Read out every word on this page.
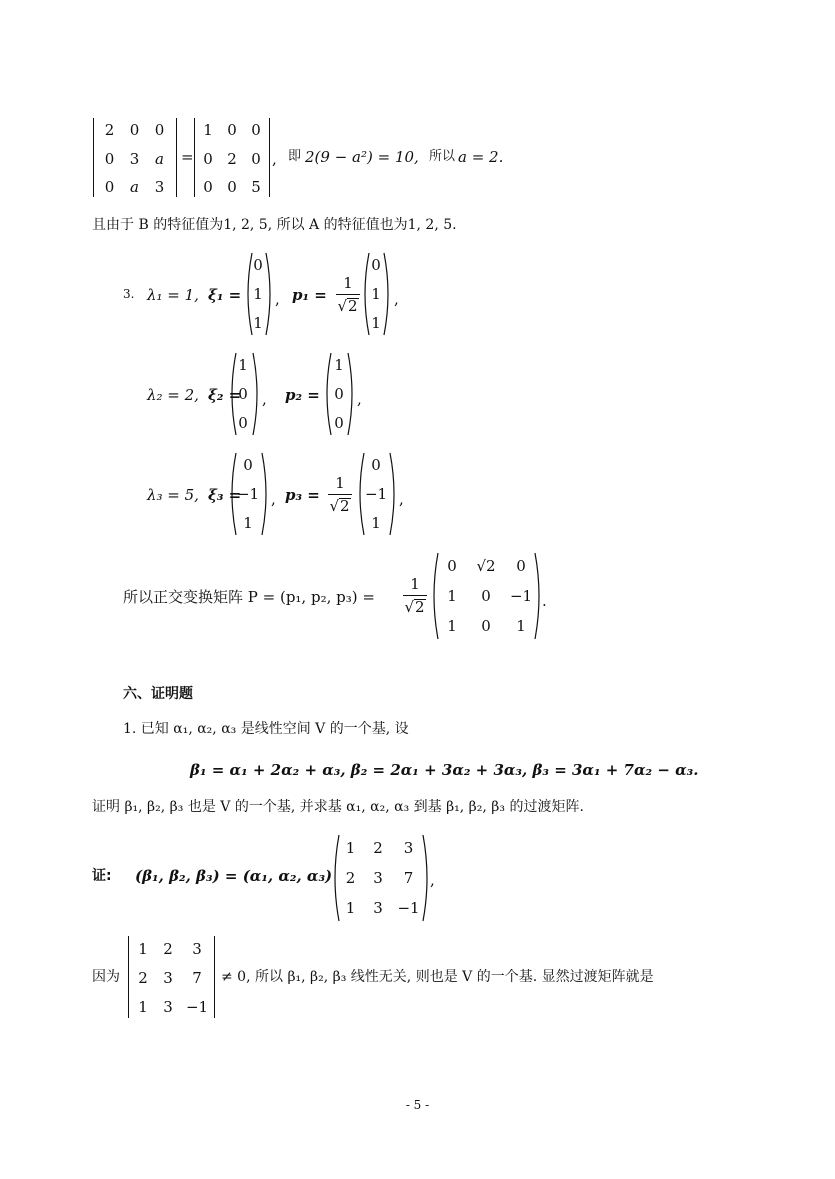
2	0	0
0	3	a
0	a	3
=
1 0 0
0 2 0
0 0 5
, 即 2(9 − a²) = 10, 所以 a = 2.
且由于 B 的特征值为1, 2, 5, 所以 A 的特征值也为1, 2, 5.
3. λ₁ = 1, ξ₁ =
0
1
1
, p₁ =
1
√ 2
0
1
1
,
λ₂ = 2, ξ₂ =
1
0
0
, p₂ =
1
0
0
,
λ₃ = 5, ξ₃ =
0
−1
1
, p₃ =
1
√ 2
0
−1
1
,
所以正交变换矩阵 P = (p₁, p₂, p₃) =
1
√ 2
0	√2	0
1	0	−1
1	0	1
.
六、证明题
1. 已知 α₁, α₂, α₃ 是线性空间 V 的一个基, 设
β₁ = α₁ + 2α₂ + α₃, β₂ = 2α₁ + 3α₂ + 3α₃, β₃ = 3α₁ + 7α₂ − α₃.
证明 β₁, β₂, β₃ 也是 V 的一个基, 并求基 α₁, α₂, α₃ 到基 β₁, β₂, β₃ 的过渡矩阵.
证: (β₁, β₂, β₃) = (α₁, α₂, α₃)
1	2	3
2	3	7
1	3 −1
,
因为
1	2	3
2	3	7
1	3 −1
≠ 0, 所以 β₁, β₂, β₃ 线性无关, 则也是 V 的一个基. 显然过渡矩阵就是
- 5 -
